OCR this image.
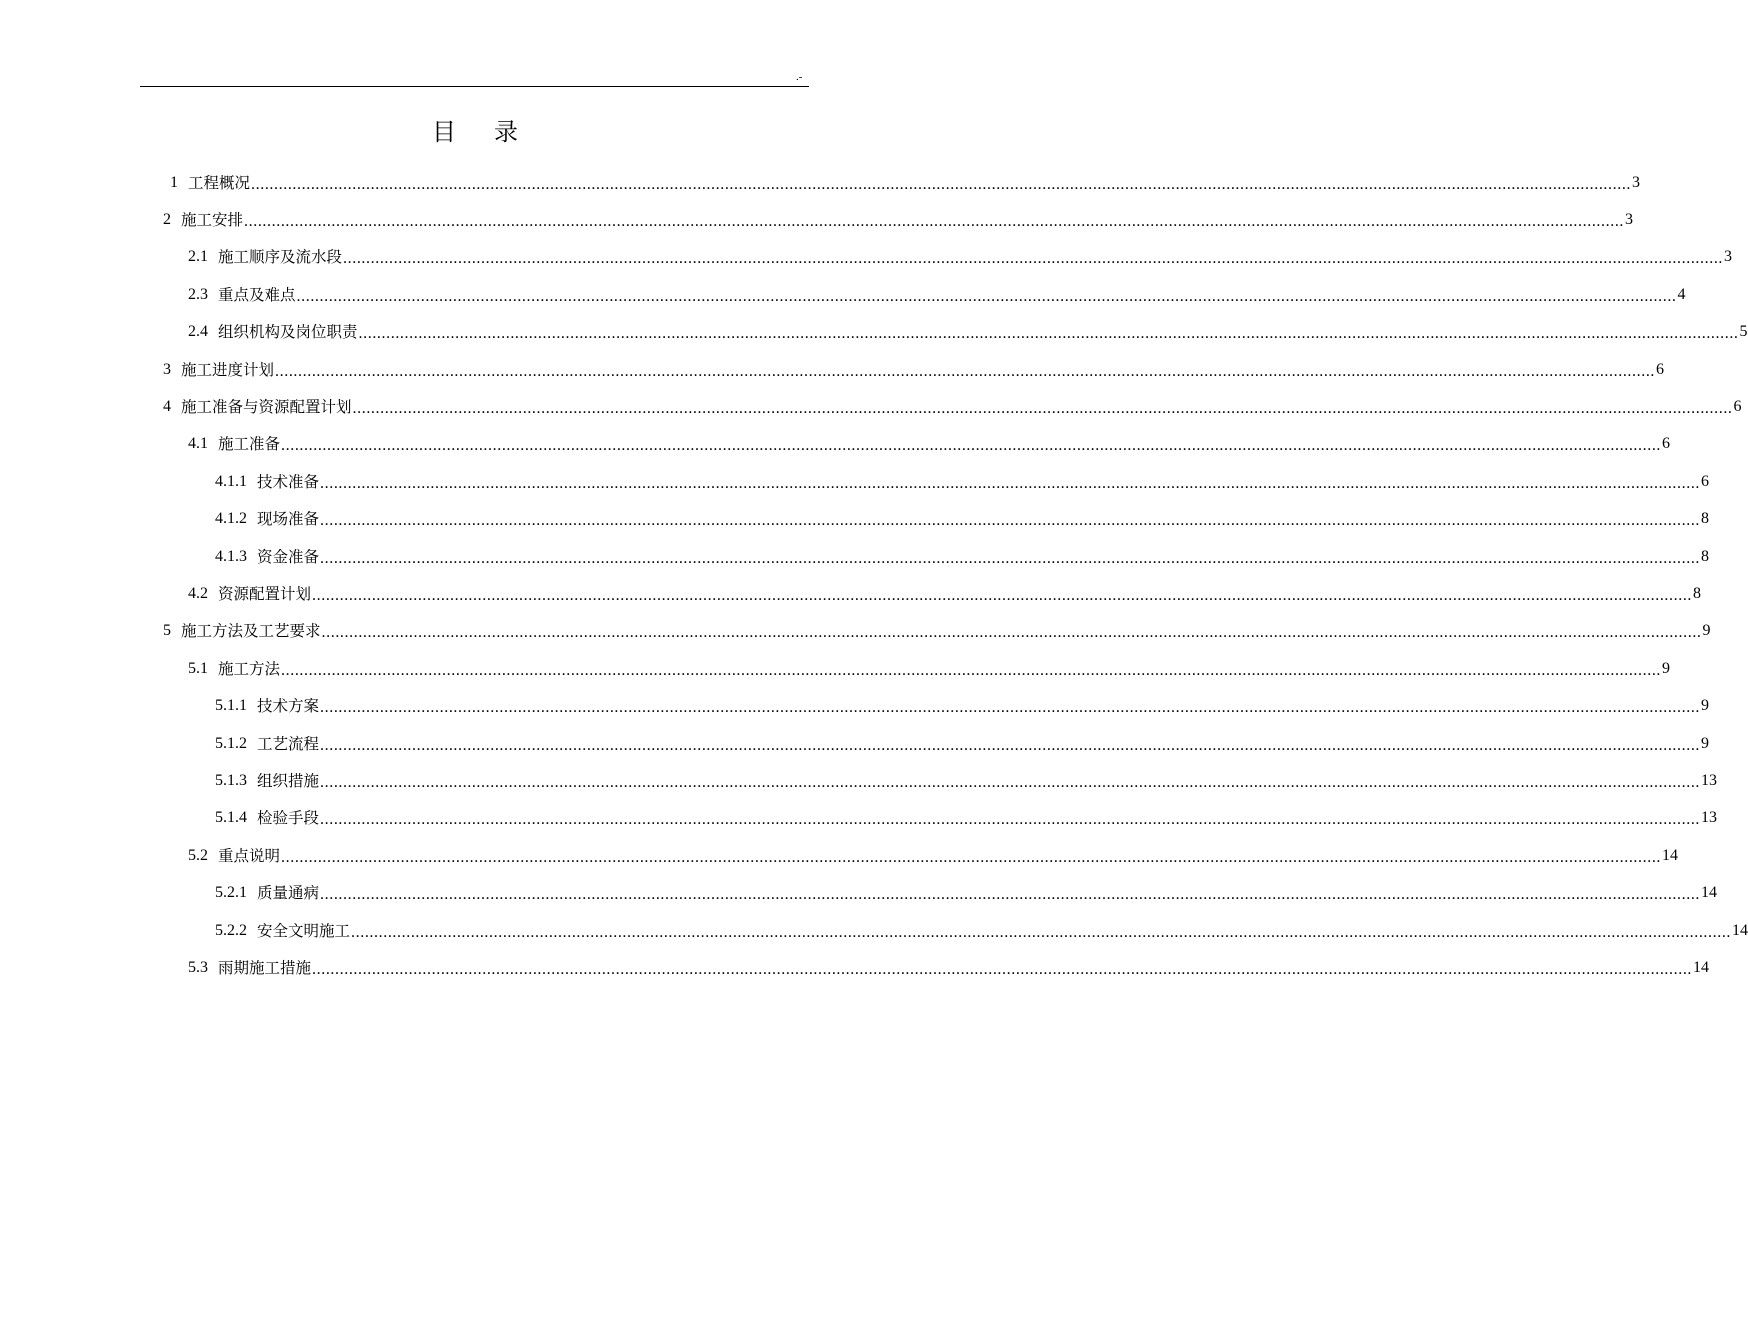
.-
目 录
1 工程概况 ............................................................................................................................................................................................................................................................................................................ 3
2 施工安排 ............................................................................................................................................................................................................................................................................................................ 3
2.1 施工顺序及流水段 ............................................................................................................................................................................................................................................................................................................ 3
2.3 重点及难点 ............................................................................................................................................................................................................................................................................................................ 4
2.4 组织机构及岗位职责 ............................................................................................................................................................................................................................................................................................................ 5
3 施工进度计划 ............................................................................................................................................................................................................................................................................................................ 6
4 施工准备与资源配置计划 ............................................................................................................................................................................................................................................................................................................ 6
4.1 施工准备 ............................................................................................................................................................................................................................................................................................................ 6
4.1.1 技术准备 ............................................................................................................................................................................................................................................................................................................ 6
4.1.2 现场准备 ............................................................................................................................................................................................................................................................................................................ 8
4.1.3 资金准备 ............................................................................................................................................................................................................................................................................................................ 8
4.2 资源配置计划 ............................................................................................................................................................................................................................................................................................................ 8
5 施工方法及工艺要求 ............................................................................................................................................................................................................................................................................................................ 9
5.1 施工方法 ............................................................................................................................................................................................................................................................................................................ 9
5.1.1 技术方案 ............................................................................................................................................................................................................................................................................................................ 9
5.1.2 工艺流程 ............................................................................................................................................................................................................................................................................................................ 9
5.1.3 组织措施 ............................................................................................................................................................................................................................................................................................................ 13
5.1.4 检验手段 ............................................................................................................................................................................................................................................................................................................ 13
5.2 重点说明 ............................................................................................................................................................................................................................................................................................................ 14
5.2.1 质量通病 ............................................................................................................................................................................................................................................................................................................ 14
5.2.2 安全文明施工 ............................................................................................................................................................................................................................................................................................................ 14
5.3 雨期施工措施 ............................................................................................................................................................................................................................................................................................................ 14
